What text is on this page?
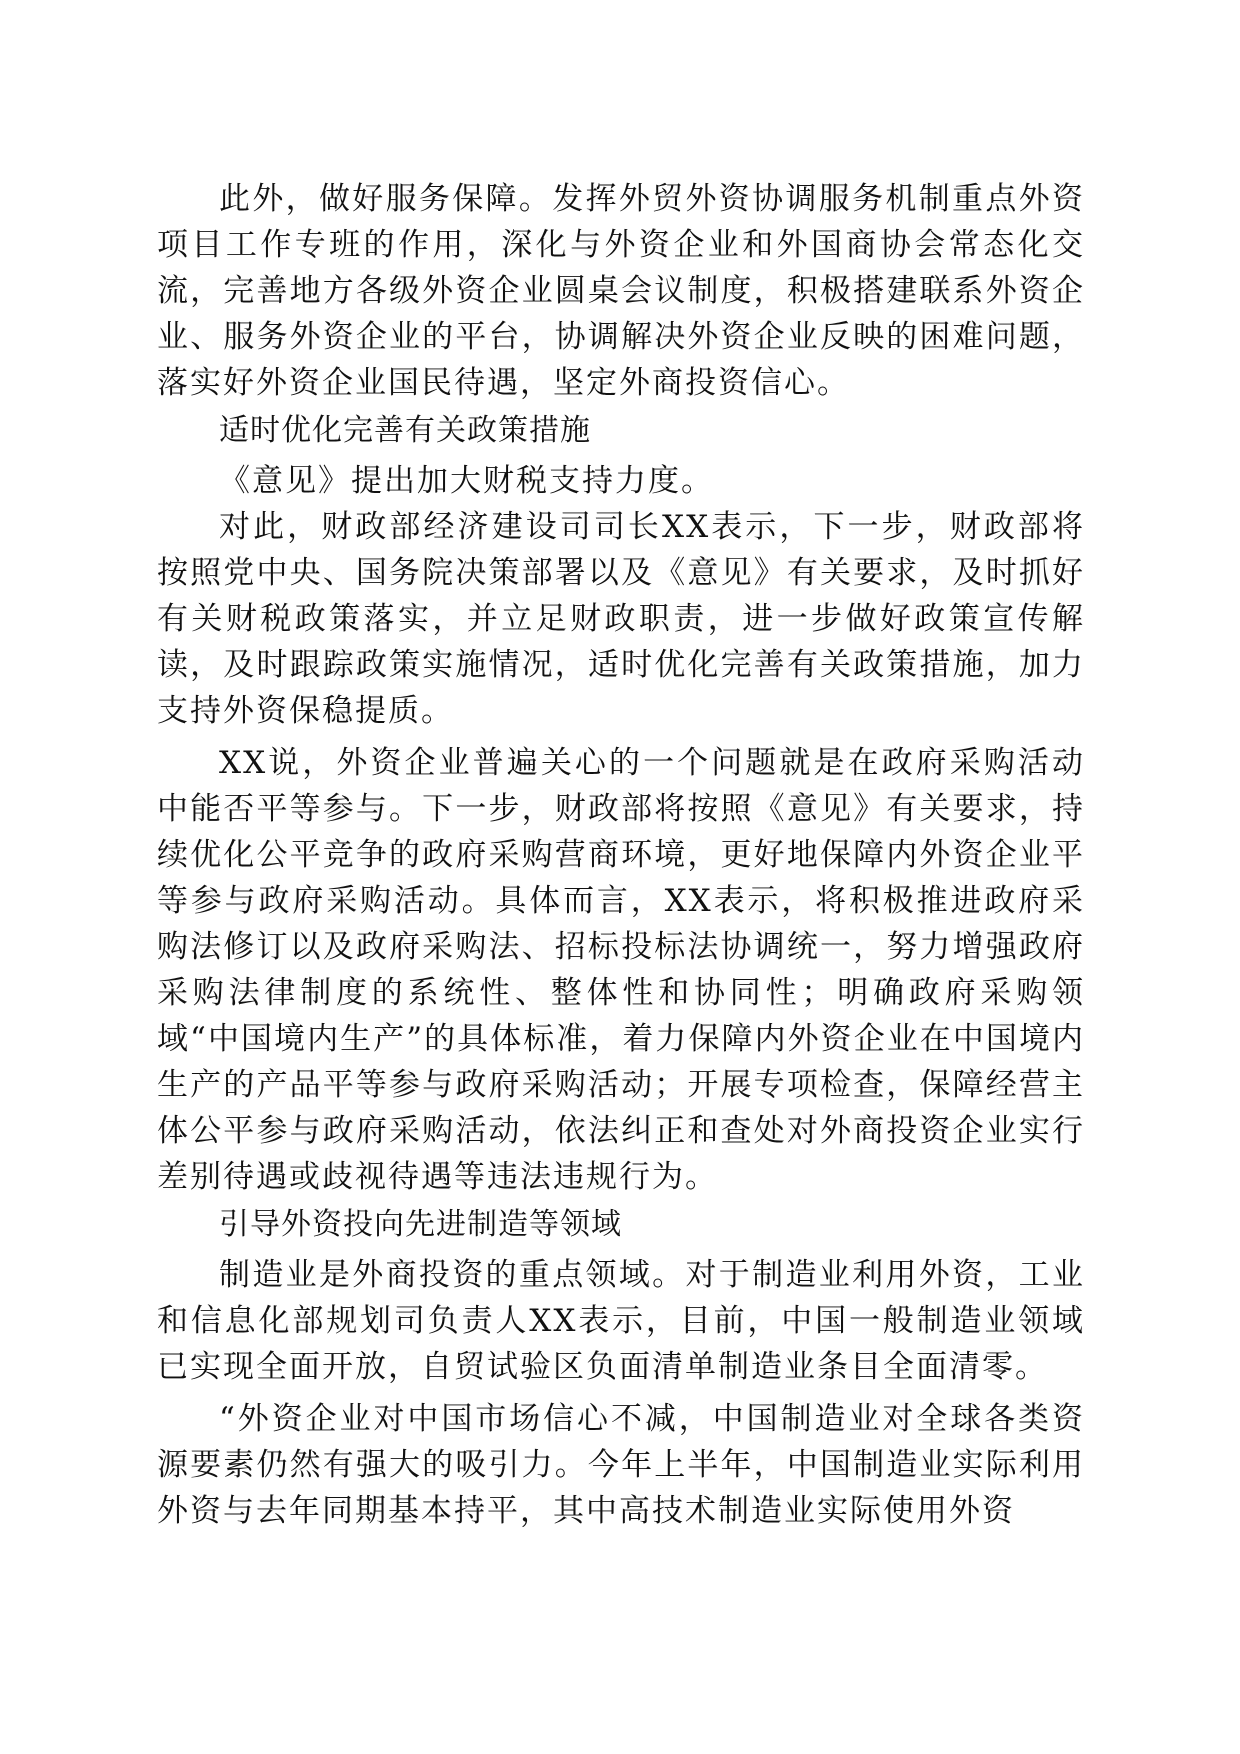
此外，做好服务保障。发挥外贸外资协调服务机制重点外资项目工作专班的作用，深化与外资企业和外国商协会常态化交流，完善地方各级外资企业圆桌会议制度，积极搭建联系外资企业、服务外资企业的平台，协调解决外资企业反映的困难问题，落实好外资企业国民待遇，坚定外商投资信心。

适时优化完善有关政策措施

《意见》提出加大财税支持力度。

对此，财政部经济建设司司长XX表示，下一步，财政部将按照党中央、国务院决策部署以及《意见》有关要求，及时抓好有关财税政策落实，并立足财政职责，进一步做好政策宣传解读，及时跟踪政策实施情况，适时优化完善有关政策措施，加力支持外资保稳提质。

XX说，外资企业普遍关心的一个问题就是在政府采购活动中能否平等参与。下一步，财政部将按照《意见》有关要求，持续优化公平竞争的政府采购营商环境，更好地保障内外资企业平等参与政府采购活动。具体而言，XX表示，将积极推进政府采购法修订以及政府采购法、招标投标法协调统一，努力增强政府采购法律制度的系统性、整体性和协同性；明确政府采购领域“中国境内生产”的具体标准，着力保障内外资企业在中国境内生产的产品平等参与政府采购活动；开展专项检查，保障经营主体公平参与政府采购活动，依法纠正和查处对外商投资企业实行差别待遇或歧视待遇等违法违规行为。

引导外资投向先进制造等领域

制造业是外商投资的重点领域。对于制造业利用外资，工业和信息化部规划司负责人XX表示，目前，中国一般制造业领域已实现全面开放，自贸试验区负面清单制造业条目全面清零。

“外资企业对中国市场信心不减，中国制造业对全球各类资源要素仍然有强大的吸引力。今年上半年，中国制造业实际利用外资与去年同期基本持平，其中高技术制造业实际使用外资
